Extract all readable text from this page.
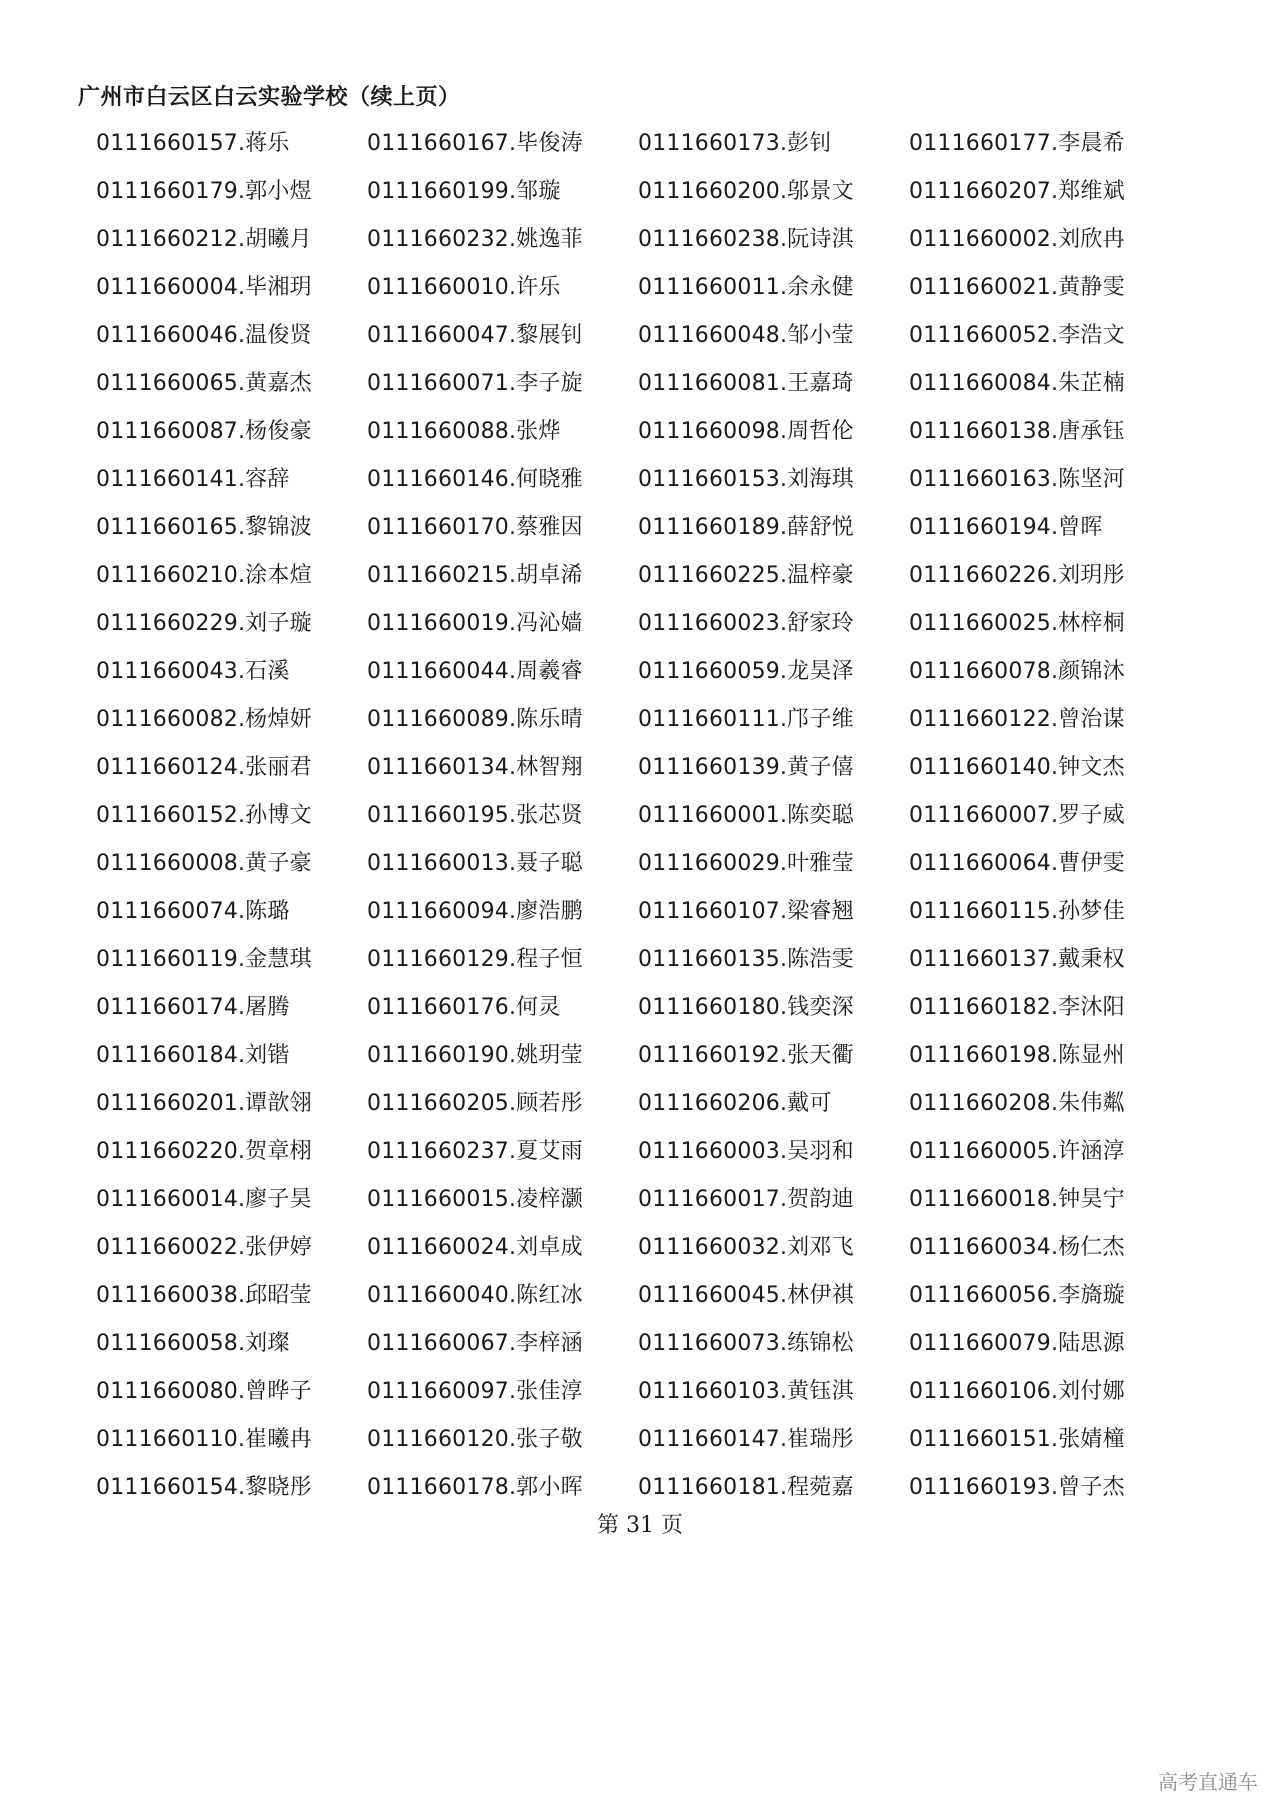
广州市白云区白云实验学校（续上页）
0111660157.蒋乐	0111660167.毕俊涛	0111660173.彭钊	0111660177.李晨希
0111660179.郭小煜	0111660199.邹璇	0111660200.邬景文	0111660207.郑维斌
0111660212.胡曦月	0111660232.姚逸菲	0111660238.阮诗淇	0111660002.刘欣冉
0111660004.毕湘玥	0111660010.许乐	0111660011.余永健	0111660021.黄静雯
0111660046.温俊贤	0111660047.黎展钊	0111660048.邹小莹	0111660052.李浩文
0111660065.黄嘉杰	0111660071.李子旋	0111660081.王嘉琦	0111660084.朱芷楠
0111660087.杨俊豪	0111660088.张烨	0111660098.周哲伦	0111660138.唐承钰
0111660141.容辞	0111660146.何晓雅	0111660153.刘海琪	0111660163.陈坚河
0111660165.黎锦波	0111660170.蔡雅因	0111660189.薛舒悦	0111660194.曾晖
0111660210.涂本煊	0111660215.胡卓浠	0111660225.温梓豪	0111660226.刘玥彤
0111660229.刘子璇	0111660019.冯沁嫱	0111660023.舒家玲	0111660025.林梓桐
0111660043.石溪	0111660044.周羲睿	0111660059.龙昊泽	0111660078.颜锦沐
0111660082.杨焯妍	0111660089.陈乐晴	0111660111.邝子维	0111660122.曾治谋
0111660124.张丽君	0111660134.林智翔	0111660139.黄子僖	0111660140.钟文杰
0111660152.孙博文	0111660195.张芯贤	0111660001.陈奕聪	0111660007.罗子威
0111660008.黄子豪	0111660013.聂子聪	0111660029.叶雅莹	0111660064.曹伊雯
0111660074.陈璐	0111660094.廖浩鹏	0111660107.梁睿翘	0111660115.孙梦佳
0111660119.金慧琪	0111660129.程子恒	0111660135.陈浩雯	0111660137.戴秉权
0111660174.屠腾	0111660176.何灵	0111660180.钱奕深	0111660182.李沐阳
0111660184.刘锴	0111660190.姚玥莹	0111660192.张天衢	0111660198.陈显州
0111660201.谭歆翎	0111660205.顾若彤	0111660206.戴可	0111660208.朱伟粼
0111660220.贺章栩	0111660237.夏艾雨	0111660003.吴羽和	0111660005.许涵淳
0111660014.廖子昊	0111660015.凌梓灏	0111660017.贺韵迪	0111660018.钟昊宁
0111660022.张伊婷	0111660024.刘卓成	0111660032.刘邓飞	0111660034.杨仁杰
0111660038.邱昭莹	0111660040.陈红冰	0111660045.林伊祺	0111660056.李旖璇
0111660058.刘璨	0111660067.李梓涵	0111660073.练锦松	0111660079.陆思源
0111660080.曾晔子	0111660097.张佳淳	0111660103.黄钰淇	0111660106.刘付娜
0111660110.崔曦冉	0111660120.张子敬	0111660147.崔瑞彤	0111660151.张婧橦
0111660154.黎晓彤	0111660178.郭小晖	0111660181.程菀嘉	0111660193.曾子杰
第 31 页
高考直通车
